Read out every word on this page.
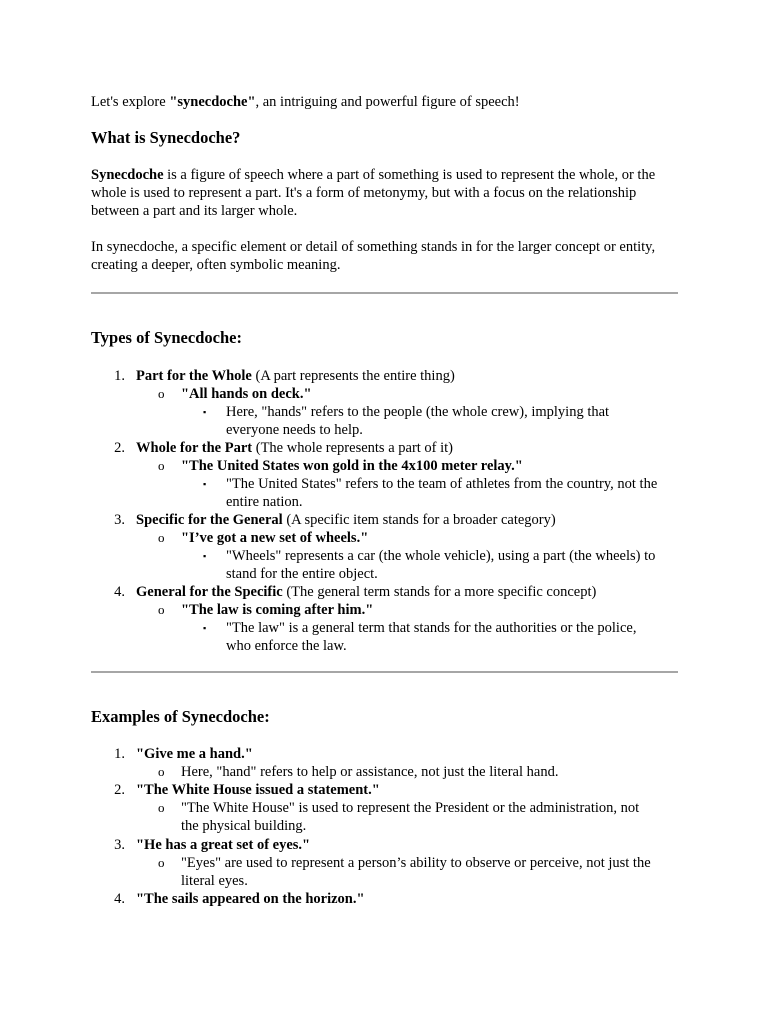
Let's explore "synecdoche", an intriguing and powerful figure of speech!
What is Synecdoche?
Synecdoche is a figure of speech where a part of something is used to represent the whole, or the
whole is used to represent a part. It's a form of metonymy, but with a focus on the relationship
between a part and its larger whole.
In synecdoche, a specific element or detail of something stands in for the larger concept or entity,
creating a deeper, often symbolic meaning.
Types of Synecdoche:
1. Part for the Whole (A part represents the entire thing)
o "All hands on deck."
▪ Here, "hands" refers to the people (the whole crew), implying that
everyone needs to help.
2. Whole for the Part (The whole represents a part of it)
o "The United States won gold in the 4x100 meter relay."
▪ "The United States" refers to the team of athletes from the country, not the
entire nation.
3. Specific for the General (A specific item stands for a broader category)
o "I’ve got a new set of wheels."
▪ "Wheels" represents a car (the whole vehicle), using a part (the wheels) to
stand for the entire object.
4. General for the Specific (The general term stands for a more specific concept)
o "The law is coming after him."
▪ "The law" is a general term that stands for the authorities or the police,
who enforce the law.
Examples of Synecdoche:
1. "Give me a hand."
o Here, "hand" refers to help or assistance, not just the literal hand.
2. "The White House issued a statement."
o "The White House" is used to represent the President or the administration, not
the physical building.
3. "He has a great set of eyes."
o "Eyes" are used to represent a person’s ability to observe or perceive, not just the
literal eyes.
4. "The sails appeared on the horizon."
